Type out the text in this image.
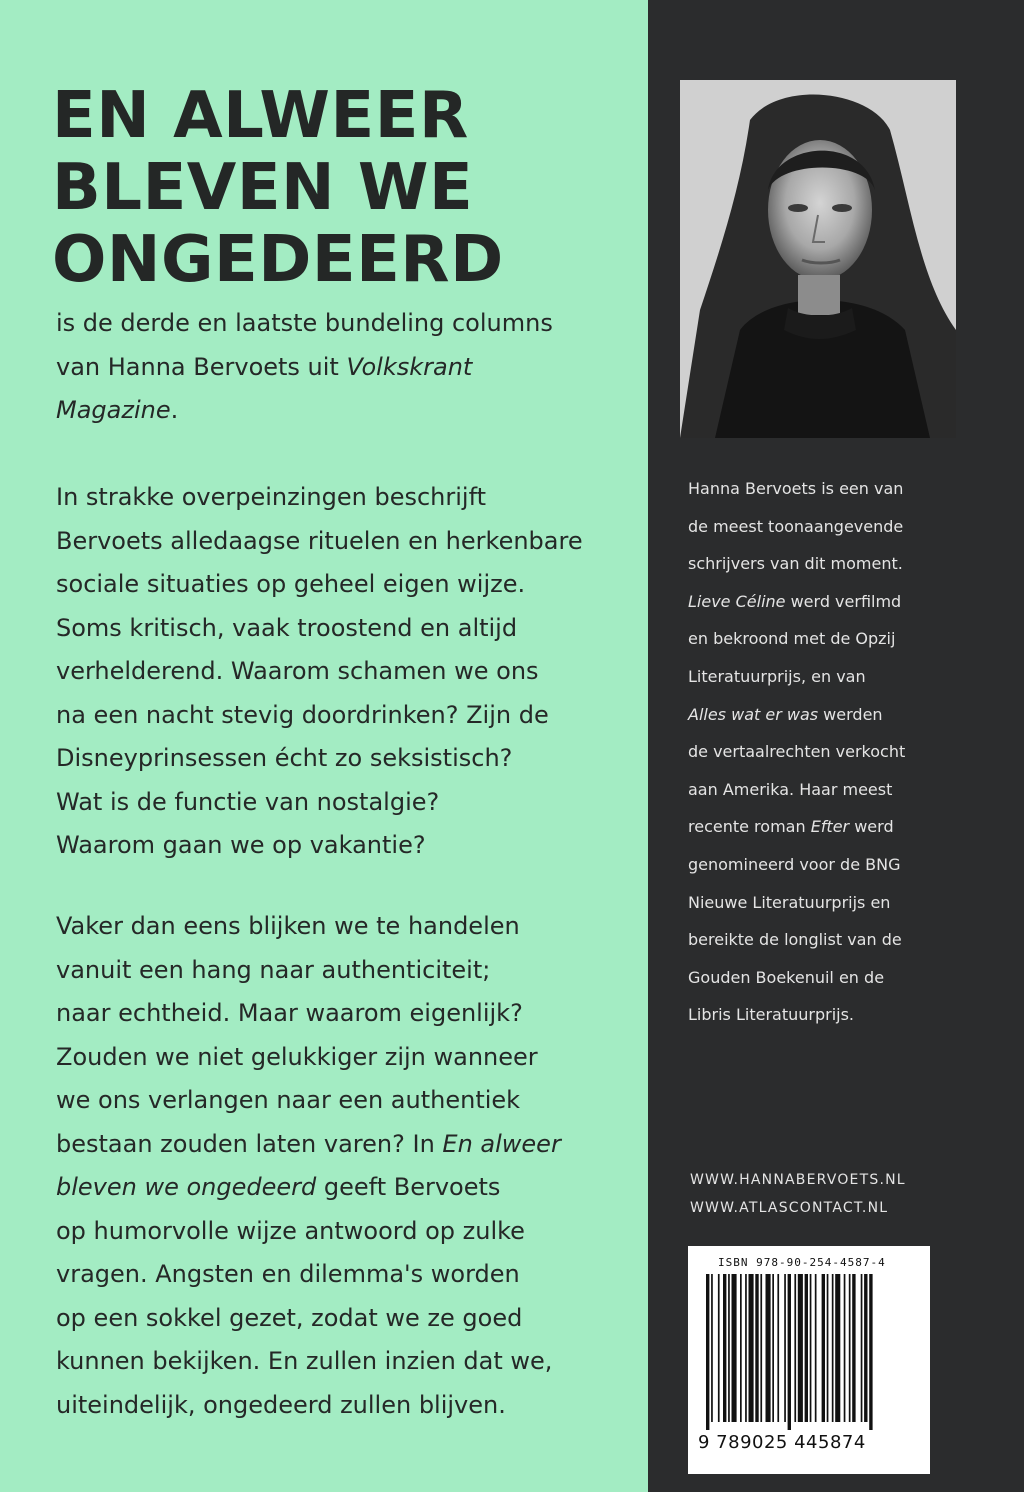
EN ALWEER
BLEVEN WE
ONGEDEERD

is de derde en laatste bundeling columns
van Hanna Bervoets uit Volkskrant
Magazine.

In strakke overpeinzingen beschrijft
Bervoets alledaagse rituelen en herkenbare
sociale situaties op geheel eigen wijze.
Soms kritisch, vaak troostend en altijd
verhelderend. Waarom schamen we ons
na een nacht stevig doordrinken? Zijn de
Disneyprinsessen écht zo seksistisch?
Wat is de functie van nostalgie?
Waarom gaan we op vakantie?

Vaker dan eens blijken we te handelen
vanuit een hang naar authenticiteit;
naar echtheid. Maar waarom eigenlijk?
Zouden we niet gelukkiger zijn wanneer
we ons verlangen naar een authentiek
bestaan zouden laten varen? In En alweer
bleven we ongedeerd geeft Bervoets
op humorvolle wijze antwoord op zulke
vragen. Angsten en dilemma's worden
op een sokkel gezet, zodat we ze goed
kunnen bekijken. En zullen inzien dat we,
uiteindelijk, ongedeerd zullen blijven.

Hanna Bervoets is een van
de meest toonaangevende
schrijvers van dit moment.
Lieve Céline werd verfilmd
en bekroond met de Opzij
Literatuurprijs, en van
Alles wat er was werden
de vertaalrechten verkocht
aan Amerika. Haar meest
recente roman Efter werd
genomineerd voor de BNG
Nieuwe Literatuurprijs en
bereikte de longlist van de
Gouden Boekenuil en de
Libris Literatuurprijs.

WWW.HANNABERVOETS.NL
WWW.ATLASCONTACT.NL
ISBN 978-90-254-4587-4
9 789025 445874
